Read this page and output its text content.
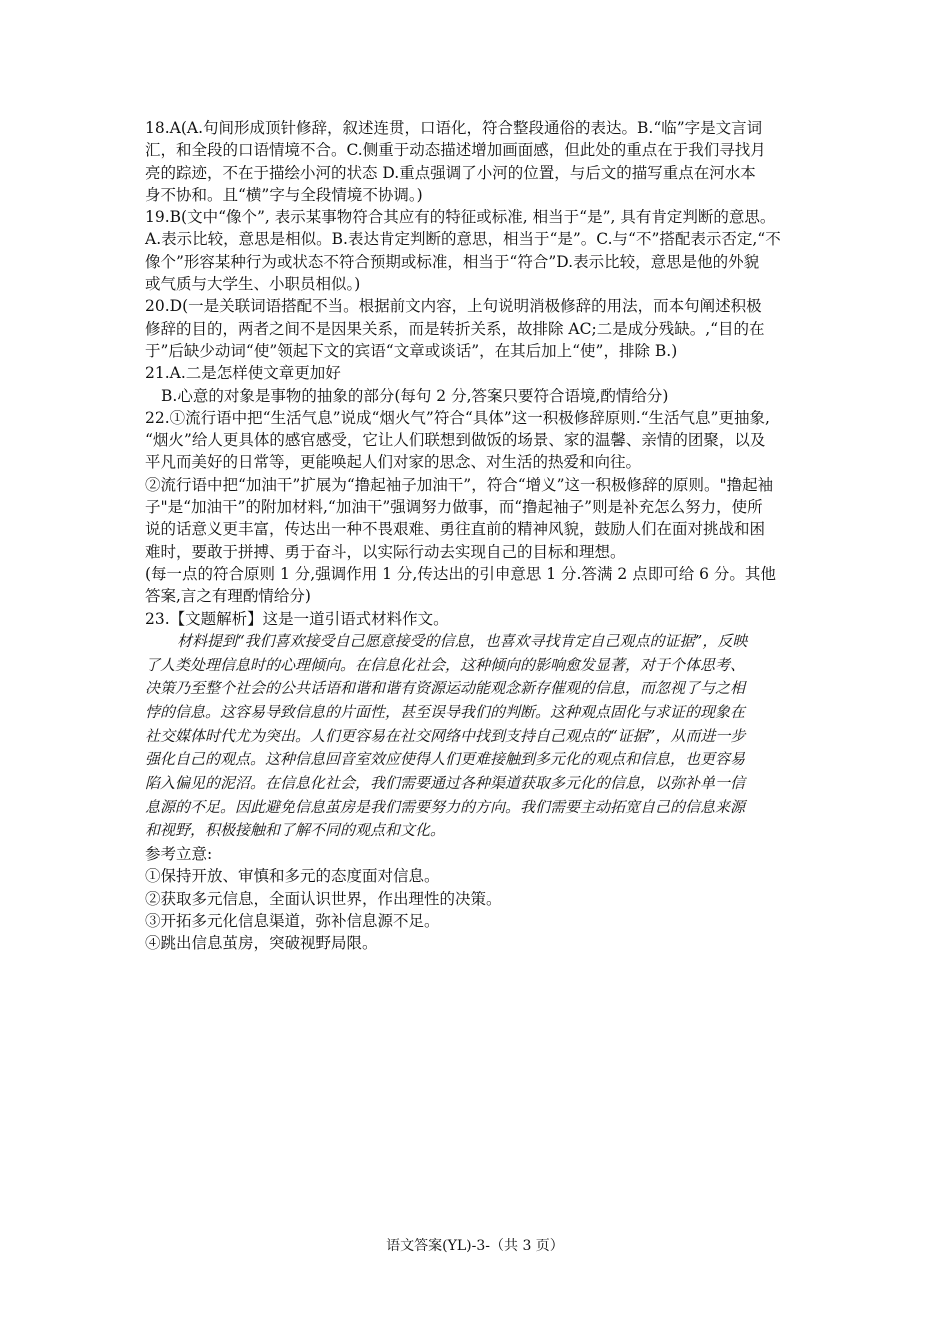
18.A(A.句间形成顶针修辞，叙述连贯，口语化，符合整段通俗的表达。B.“临”字是文言词

汇，和全段的口语情境不合。C.侧重于动态描述增加画面感，但此处的重点在于我们寻找月

亮的踪迹，不在于描绘小河的状态 D.重点强调了小河的位置，与后文的描写重点在河水本

身不协和。且“横”字与全段情境不协调。)

19.B(文中“像个”, 表示某事物符合其应有的特征或标准, 相当于“是”, 具有肯定判断的意思。

A.表示比较，意思是相似。B.表达肯定判断的意思，相当于“是”。C.与“不”搭配表示否定,“不

像个”形容某种行为或状态不符合预期或标准，相当于“符合”D.表示比较，意思是他的外貌

或气质与大学生、小职员相似。)

20.D(一是关联词语搭配不当。根据前文内容，上句说明消极修辞的用法，而本句阐述积极

修辞的目的，两者之间不是因果关系，而是转折关系，故排除 AC;二是成分残缺。,“目的在

于”后缺少动词“使”领起下文的宾语“文章或谈话”，在其后加上“使”，排除 B.)

21.A.二是怎样使文章更加好

B.心意的对象是事物的抽象的部分(每句 2 分,答案只要符合语境,酌情给分)

22.①流行语中把“生活气息”说成“烟火气”符合“具体”这一积极修辞原则.“生活气息”更抽象,

“烟火”给人更具体的感官感受，它让人们联想到做饭的场景、家的温馨、亲情的团聚，以及

平凡而美好的日常等，更能唤起人们对家的思念、对生活的热爱和向往。

②流行语中把“加油干”扩展为“撸起袖子加油干”，符合“增义”这一积极修辞的原则。"撸起袖

子"是“加油干”的附加材料,“加油干”强调努力做事，而“撸起袖子”则是补充怎么努力，使所

说的话意义更丰富，传达出一种不畏艰难、勇往直前的精神风貌，鼓励人们在面对挑战和困

难时，要敢于拼搏、勇于奋斗，以实际行动去实现自己的目标和理想。

(每一点的符合原则 1 分,强调作用 1 分,传达出的引申意思 1 分.答满 2 点即可给 6 分。其他

答案,言之有理酌情给分)

23.【文题解析】这是一道引语式材料作文。

材料提到“我们喜欢接受自己愿意接受的信息，也喜欢寻找肯定自己观点的证据”，反映

了人类处理信息时的心理倾向。在信息化社会，这种倾向的影响愈发显著，对于个体思考、

决策乃至整个社会的公共话语和谐和谐有资源运动能观念新存催观的信息，而忽视了与之相

悖的信息。这容易导致信息的片面性，甚至误导我们的判断。这种观点固化与求证的现象在

社交媒体时代尤为突出。人们更容易在社交网络中找到支持自己观点的“证据”，从而进一步

强化自己的观点。这种信息回音室效应使得人们更难接触到多元化的观点和信息，也更容易

陷入偏见的泥沼。在信息化社会，我们需要通过各种渠道获取多元化的信息，以弥补单一信

息源的不足。因此避免信息茧房是我们需要努力的方向。我们需要主动拓宽自己的信息来源

和视野，积极接触和了解不同的观点和文化。

参考立意:

①保持开放、审慎和多元的态度面对信息。

②获取多元信息，全面认识世界，作出理性的决策。

③开拓多元化信息渠道，弥补信息源不足。

④跳出信息茧房，突破视野局限。

语文答案(YL)-3-（共 3 页）
